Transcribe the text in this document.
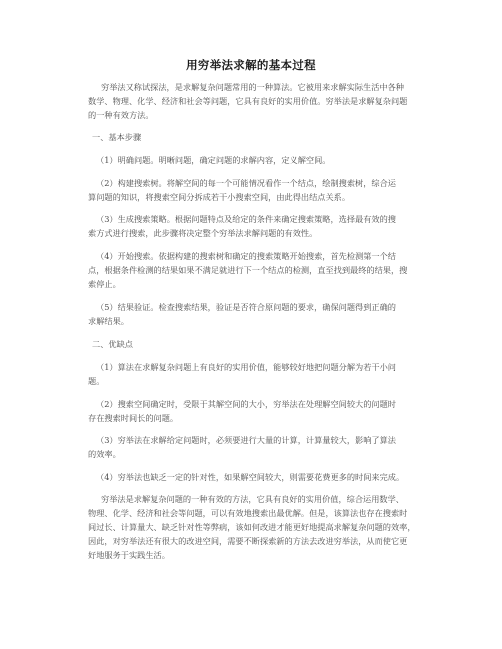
用穷举法求解的基本过程
穷举法又称试探法，是求解复杂问题常用的一种算法。它被用来求解实际生活中各种
数学、物理、化学、经济和社会等问题，它具有良好的实用价值。穷举法是求解复杂问题
的一种有效方法。
一、基本步骤
（1）明确问题。明晰问题，确定问题的求解内容，定义解空间。
（2）构建搜索树。将解空间的每一个可能情况看作一个结点，绘制搜索树，综合运
算问题的知识，将搜索空间分拆成若干小搜索空间，由此得出结点关系。
（3）生成搜索策略。根据问题特点及给定的条件来确定搜索策略，选择最有效的搜
索方式进行搜索，此步骤将决定整个穷举法求解问题的有效性。
（4）开始搜索。依据构建的搜索树和确定的搜索策略开始搜索，首先检测第一个结
点，根据条件检测的结果如果不满足就进行下一个结点的检测，直至找到最终的结果，搜
索停止。
（5）结果验证。检查搜索结果，验证是否符合原问题的要求，确保问题得到正确的
求解结果。
二、优缺点
（1）算法在求解复杂问题上有良好的实用价值，能够较好地把问题分解为若干小问
题。
（2）搜索空间确定时，受限于其解空间的大小，穷举法在处理解空间较大的问题时
存在搜索时间长的问题。
（3）穷举法在求解给定问题时，必须要进行大量的计算，计算量较大，影响了算法
的效率。
（4）穷举法也缺乏一定的针对性，如果解空间较大，则需要花费更多的时间来完成。
穷举法是求解复杂问题的一种有效的方法，它具有良好的实用价值，综合运用数学、
物理、化学、经济和社会等问题，可以有效地搜索出最优解。但是，该算法也存在搜索时
间过长、计算量大、缺乏针对性等弊病，该如何改进才能更好地提高求解复杂问题的效率，
因此，对穷举法还有很大的改进空间，需要不断探索新的方法去改进穷举法，从而使它更
好地服务于实践生活。
